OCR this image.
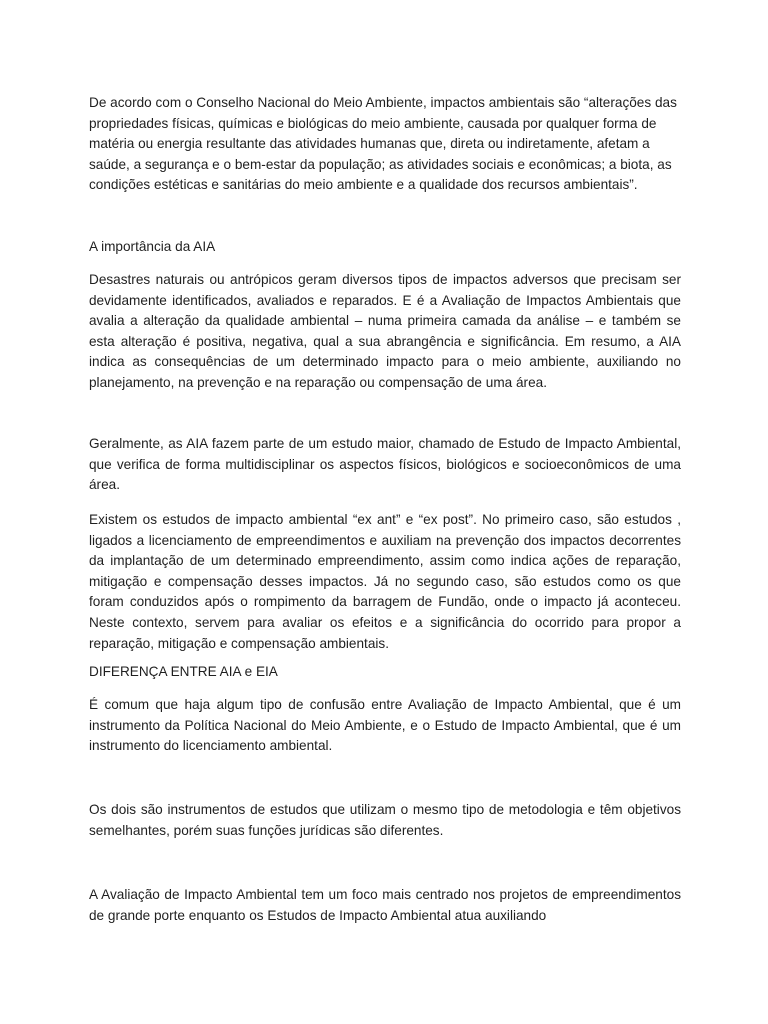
De acordo com o Conselho Nacional do Meio Ambiente, impactos ambientais são “alterações das propriedades físicas, químicas e biológicas do meio ambiente, causada por qualquer forma de matéria ou energia resultante das atividades humanas que, direta ou indiretamente, afetam a saúde, a segurança e o bem-estar da população; as atividades sociais e econômicas; a biota, as condições estéticas e sanitárias do meio ambiente e a qualidade dos recursos ambientais”.

A importância da AIA

Desastres naturais ou antrópicos geram diversos tipos de impactos adversos que precisam ser devidamente identificados, avaliados e reparados. E é a Avaliação de Impactos Ambientais que avalia a alteração da qualidade ambiental – numa primeira camada da análise – e também se esta alteração é positiva, negativa, qual a sua abrangência e significância. Em resumo, a AIA indica as consequências de um determinado impacto para o meio ambiente, auxiliando no planejamento, na prevenção e na reparação ou compensação de uma área.

Geralmente, as AIA fazem parte de um estudo maior, chamado de Estudo de Impacto Ambiental, que verifica de forma multidisciplinar os aspectos físicos, biológicos e socioeconômicos de uma área.

Existem os estudos de impacto ambiental “ex ant” e “ex post”. No primeiro caso, são estudos , ligados a licenciamento de empreendimentos e auxiliam na prevenção dos impactos decorrentes da implantação de um determinado empreendimento, assim como indica ações de reparação, mitigação e compensação desses impactos. Já no segundo caso, são estudos como os que foram conduzidos após o rompimento da barragem de Fundão, onde o impacto já aconteceu. Neste contexto, servem para avaliar os efeitos e a significância do ocorrido para propor a reparação, mitigação e compensação ambientais.

DIFERENÇA ENTRE AIA e EIA

É comum que haja algum tipo de confusão entre Avaliação de Impacto Ambiental, que é um instrumento da Política Nacional do Meio Ambiente, e o Estudo de Impacto Ambiental, que é um instrumento do licenciamento ambiental.

Os dois são instrumentos de estudos que utilizam o mesmo tipo de metodologia e têm objetivos semelhantes, porém suas funções jurídicas são diferentes.

A Avaliação de Impacto Ambiental tem um foco mais centrado nos projetos de empreendimentos de grande porte enquanto os Estudos de Impacto Ambiental atua auxiliando
